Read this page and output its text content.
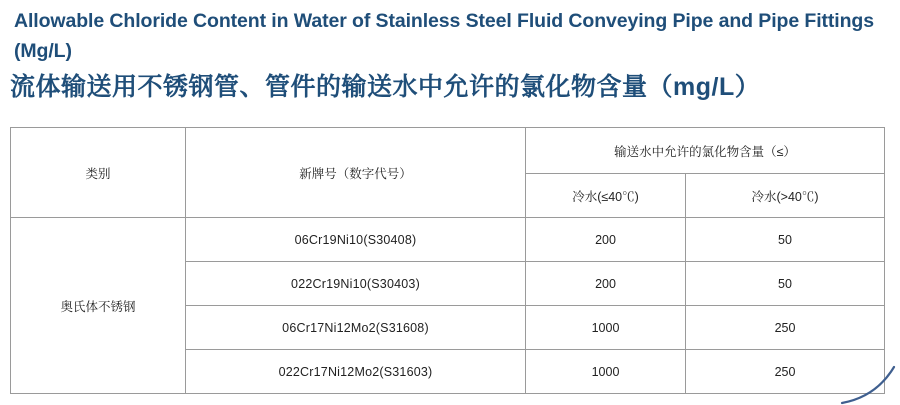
Allowable Chloride Content in Water of Stainless Steel Fluid Conveying Pipe and Pipe Fittings (Mg/L)
流体输送用不锈钢管、管件的输送水中允许的氯化物含量（mg/L）
类别	新牌号（数字代号）	输送水中允许的氯化物含量（≤）	
		冷水(≤40℃)	冷水(>40℃)
奥氏体不锈钢	06Cr19Ni10(S30408)	200	50
	022Cr19Ni10(S30403)	200	50
	06Cr17Ni12Mo2(S31608)	1000	250
	022Cr17Ni12Mo2(S31603)	1000	250
